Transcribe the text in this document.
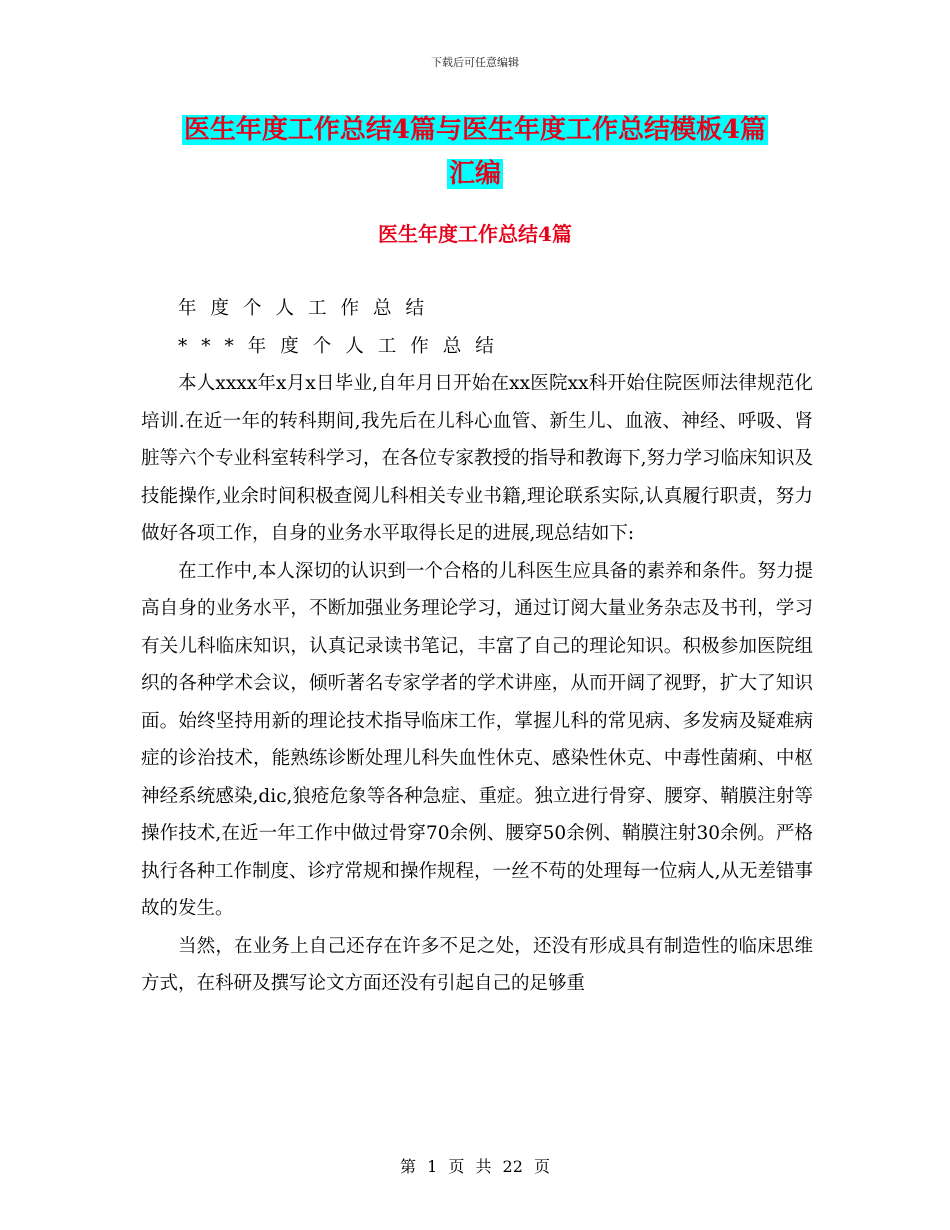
下载后可任意编辑
医生年度工作总结4篇与医生年度工作总结模板4篇
汇编
医生年度工作总结4篇

年度个人工作总结

***年度个人工作总结

本人xxxx年x月x日毕业,自年月日开始在xx医院xx科开始住院医师法律规范化培训.在近一年的转科期间,我先后在儿科心血管、新生儿、血液、神经、呼吸、肾脏等六个专业科室转科学习，在各位专家教授的指导和教诲下,努力学习临床知识及技能操作,业余时间积极查阅儿科相关专业书籍,理论联系实际,认真履行职责，努力做好各项工作，自身的业务水平取得长足的进展,现总结如下:

在工作中,本人深切的认识到一个合格的儿科医生应具备的素养和条件。努力提高自身的业务水平，不断加强业务理论学习，通过订阅大量业务杂志及书刊，学习有关儿科临床知识，认真记录读书笔记，丰富了自己的理论知识。积极参加医院组织的各种学术会议，倾听著名专家学者的学术讲座，从而开阔了视野，扩大了知识面。始终坚持用新的理论技术指导临床工作，掌握儿科的常见病、多发病及疑难病症的诊治技术，能熟练诊断处理儿科失血性休克、感染性休克、中毒性菌痢、中枢神经系统感染,dic,狼疮危象等各种急症、重症。独立进行骨穿、腰穿、鞘膜注射等操作技术,在近一年工作中做过骨穿70余例、腰穿50余例、鞘膜注射30余例。严格执行各种工作制度、诊疗常规和操作规程，一丝不苟的处理每一位病人,从无差错事故的发生。

当然，在业务上自己还存在许多不足之处，还没有形成具有制造性的临床思维方式，在科研及撰写论文方面还没有引起自己的足够重

第 1 页 共 22 页
